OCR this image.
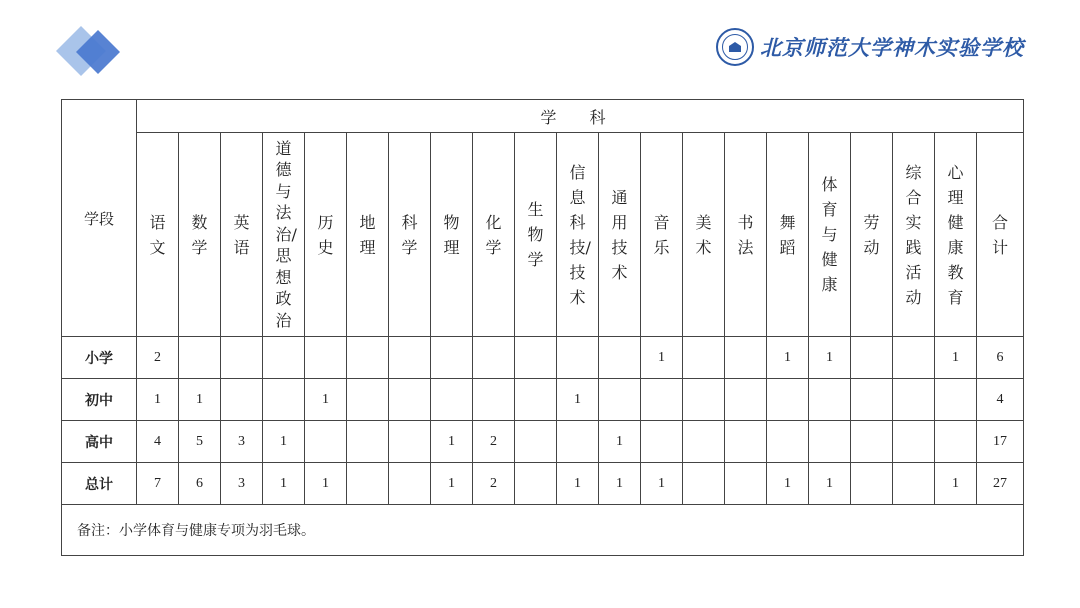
北京师范大学神木实验学校
学段	学 科																				
	语文	数学	英语	道德与法治/思想政治	历史	地理	科学	物理	化学	生物学	信息科技/技术	通用技术	音乐	美术	书法	舞蹈	体育与健康	劳动	综合实践活动	心理健康教育	合计
小学	2												1			1	1			1	6
初中	1	1			1						1										4
高中	4	5	3	1				1	2			1									17
总计	7	6	3	1	1			1	2		1	1	1			1	1			1	27
备注：小学体育与健康专项为羽毛球。																					
